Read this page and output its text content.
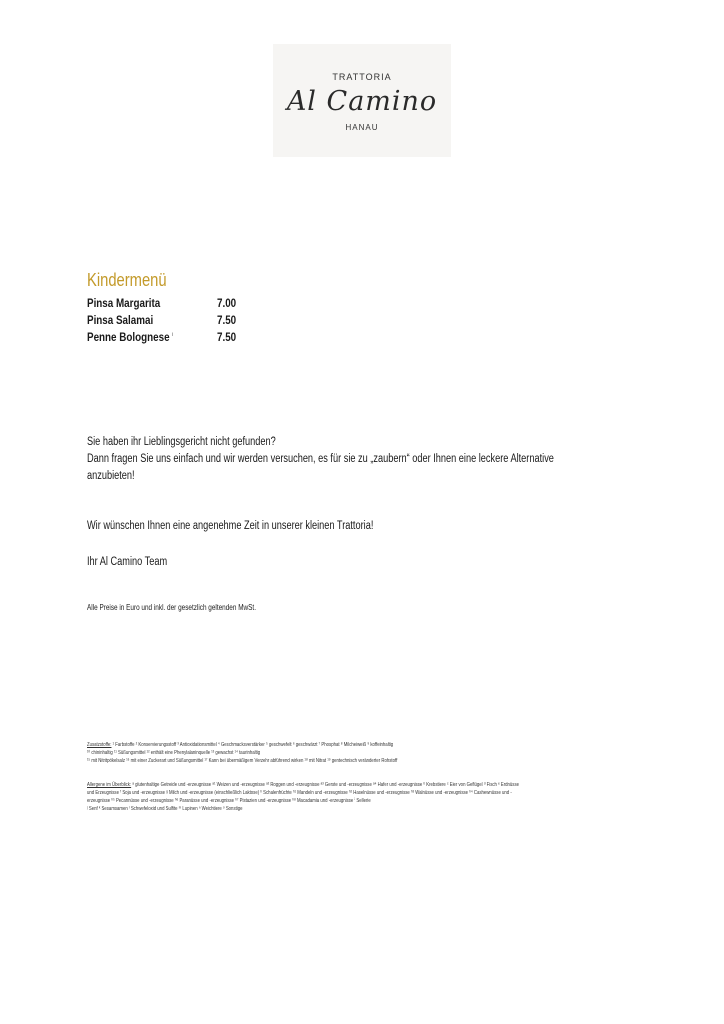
TRATTORIA
Al Camino
HANAU
Kindermenü
Pinsa Margarita	7.00
Pinsa Salamai	7.50
Penne Bolognese $^i$	7.50
Sie haben ihr Lieblingsgericht nicht gefunden?
Dann fragen Sie uns einfach und wir werden versuchen, es für sie zu „zaubern“ oder Ihnen eine leckere Alternative
anzubieten!
Wir wünschen Ihnen eine angenehme Zeit in unserer kleinen Trattoria!
Ihr Al Camino Team
Alle Preise in Euro und inkl. der gesetzlich geltenden MwSt.
Zusatzstoffe: ¹ Farbstoffe ² Konservierungsstoff ³ Antioxidationsmittel ⁴ Geschmacksverstärker ⁵ geschwefelt ⁶ geschwärzt ⁷ Phosphat ⁸ Milcheiweiß ⁹ koffeinhaltig
¹⁰ chininhaltig ¹¹ Süßungsmittel ¹² enthält eine Phenylalaninquelle ¹³ gewachst ¹⁴ taurinhaltig
¹⁵ mit Nitritpökelsalz ¹⁶ mit einer Zuckerart und Süßungsmittel ¹⁷ Kann bei übermäßigem Verzehr abführend wirken ¹⁸ mit Nitrat ¹⁹ gentechnisch veränderter Rohstoff
Allergene im Überblick: ᵃ glutenhaltige Getreide und -erzeugnisse ᵃ¹ Weizen und -erzeugnisse ᵃ² Roggen und -erzeugnisse ᵃ³ Gerste und -erzeugnisse ᵃ⁴ Hafer und -erzeugnisse ᵇ Krebstiere ᶜ Eier von Geflügel ᵈ Fisch ᵉ Erdnüsse
und Erzeugnisse ᶠ Soja und -erzeugnisse ᵍ Milch und -erzeugnisse (einschließlich Laktose) ʰ Schalenfrüchte ʰ¹ Mandeln und -erzeugnisse ʰ² Haselnüsse und -erzeugnisse ʰ³ Walnüsse und -erzeugnisse ʰ⁴ Cashewnüsse und -
erzeugnisse ʰ⁵ Pecannüsse und -erzeugnisse ʰ⁶ Paranüsse und -erzeugnisse ʰ⁷ Pistazien und -erzeugnisse ʰ⁸ Macadamia und -erzeugnisse ⁱ Sellerie
ʲ Senf ᵏ Sesamsamen ˡ Schwefeloxid und Sulfite ᵐ Lupinen ⁿ Weichtiere ᵒ Sonstige
